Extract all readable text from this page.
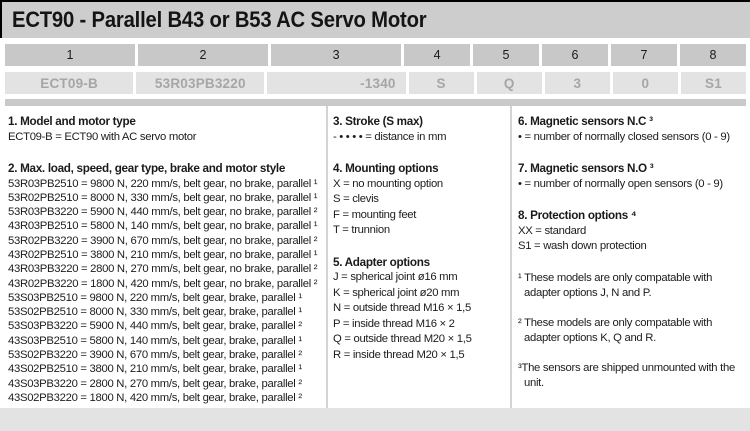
ECT90 - Parallel B43 or B53 AC Servo Motor
1	2	3	4	5	6	7	8
ECT09-B	53R03PB3220	-1340	S	Q	3	0	S1
1. Model and motor type
ECT09-B = ECT90 with AC servo motor
2. Max. load, speed, gear type, brake and motor style
53R03PB2510 = 9800 N, 220 mm/s, belt gear, no brake, parallel ¹
53R02PB2510 = 8000 N, 330 mm/s, belt gear, no brake, parallel ¹
53R03PB3220 = 5900 N, 440 mm/s, belt gear, no brake, parallel ²
43R03PB2510 = 5800 N, 140 mm/s, belt gear, no brake, parallel ¹
53R02PB3220 = 3900 N, 670 mm/s, belt gear, no brake, parallel ²
43R02PB2510 = 3800 N, 210 mm/s, belt gear, no brake, parallel ¹
43R03PB3220 = 2800 N, 270 mm/s, belt gear, no brake, parallel ²
43R02PB3220 = 1800 N, 420 mm/s, belt gear, no brake, parallel ²
53S03PB2510 = 9800 N, 220 mm/s, belt gear, brake, parallel ¹
53S02PB2510 = 8000 N, 330 mm/s, belt gear, brake, parallel ¹
53S03PB3220 = 5900 N, 440 mm/s, belt gear, brake, parallel ²
43S03PB2510 = 5800 N, 140 mm/s, belt gear, brake, parallel ¹
53S02PB3220 = 3900 N, 670 mm/s, belt gear, brake, parallel ²
43S02PB2510 = 3800 N, 210 mm/s, belt gear, brake, parallel ¹
43S03PB3220 = 2800 N, 270 mm/s, belt gear, brake, parallel ²
43S02PB3220 = 1800 N, 420 mm/s, belt gear, brake, parallel ²
3. Stroke (S max)
- • • • • = distance in mm
4. Mounting options
X = no mounting option
S = clevis
F = mounting feet
T = trunnion
5. Adapter options
J = spherical joint ø16 mm
K = spherical joint ø20 mm
N = outside thread M16 × 1,5
P = inside thread M16 × 2
Q = outside thread M20 × 1,5
R = inside thread M20 × 1,5
6. Magnetic sensors N.C ³
• = number of normally closed sensors (0 - 9)
7. Magnetic sensors N.O ³
• = number of normally open sensors (0 - 9)
8. Protection options ⁴
XX = standard
S1 = wash down protection
¹ These models are only compatable with adapter options J, N and P.
² These models are only compatable with adapter options K, Q and R.
³The sensors are shipped unmounted with the unit.
